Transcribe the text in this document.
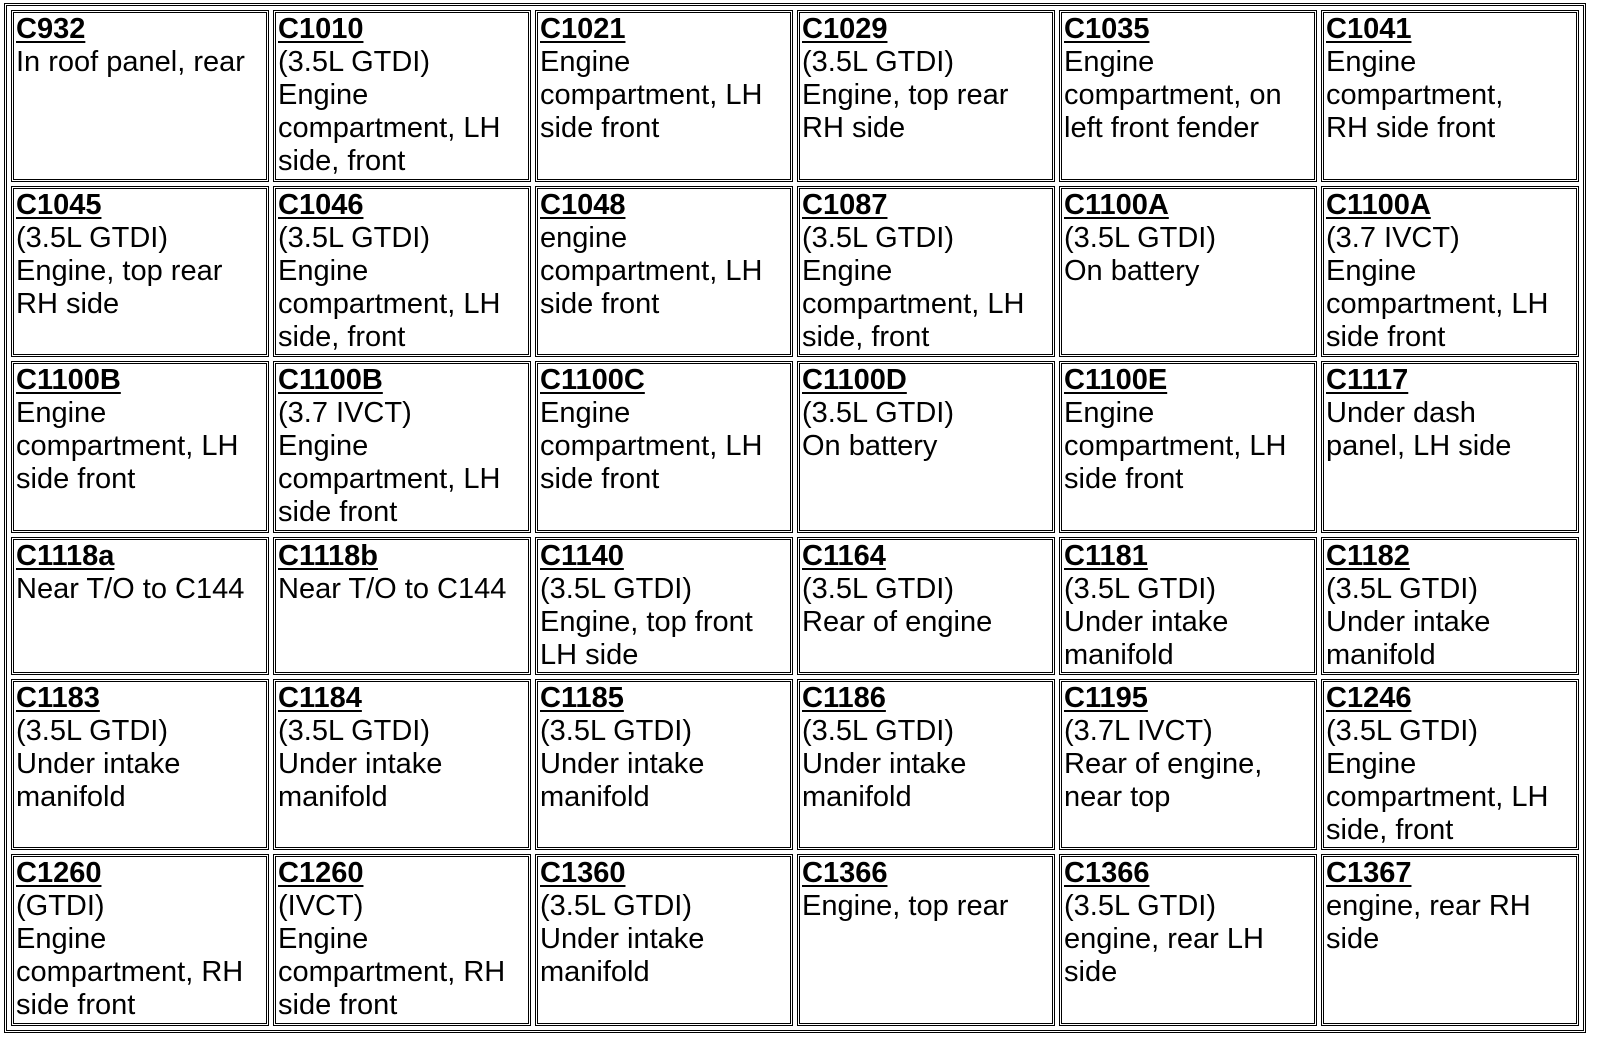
C932
In roof panel, rear	C1010
(3.5L GTDI)
Engine
compartment, LH
side, front	C1021
Engine
compartment, LH
side front	C1029
(3.5L GTDI)
Engine, top rear
RH side	C1035
Engine
compartment, on
left front fender	C1041
Engine
compartment,
RH side front

C1045
(3.5L GTDI)
Engine, top rear
RH side	C1046
(3.5L GTDI)
Engine
compartment, LH
side, front	C1048
engine
compartment, LH
side front	C1087
(3.5L GTDI)
Engine
compartment, LH
side, front	C1100A
(3.5L GTDI)
On battery	C1100A
(3.7 IVCT)
Engine
compartment, LH
side front

C1100B
Engine
compartment, LH
side front	C1100B
(3.7 IVCT)
Engine
compartment, LH
side front	C1100C
Engine
compartment, LH
side front	C1100D
(3.5L GTDI)
On battery	C1100E
Engine
compartment, LH
side front	C1117
Under dash
panel, LH side

C1118a
Near T/O to C144	C1118b
Near T/O to C144	C1140
(3.5L GTDI)
Engine, top front
LH side	C1164
(3.5L GTDI)
Rear of engine	C1181
(3.5L GTDI)
Under intake
manifold	C1182
(3.5L GTDI)
Under intake
manifold

C1183
(3.5L GTDI)
Under intake
manifold	C1184
(3.5L GTDI)
Under intake
manifold	C1185
(3.5L GTDI)
Under intake
manifold	C1186
(3.5L GTDI)
Under intake
manifold	C1195
(3.7L IVCT)
Rear of engine,
near top	C1246
(3.5L GTDI)
Engine
compartment, LH
side, front

C1260
(GTDI)
Engine
compartment, RH
side front	C1260
(IVCT)
Engine
compartment, RH
side front	C1360
(3.5L GTDI)
Under intake
manifold	C1366
Engine, top rear	C1366
(3.5L GTDI)
engine, rear LH
side	C1367
engine, rear RH
side
